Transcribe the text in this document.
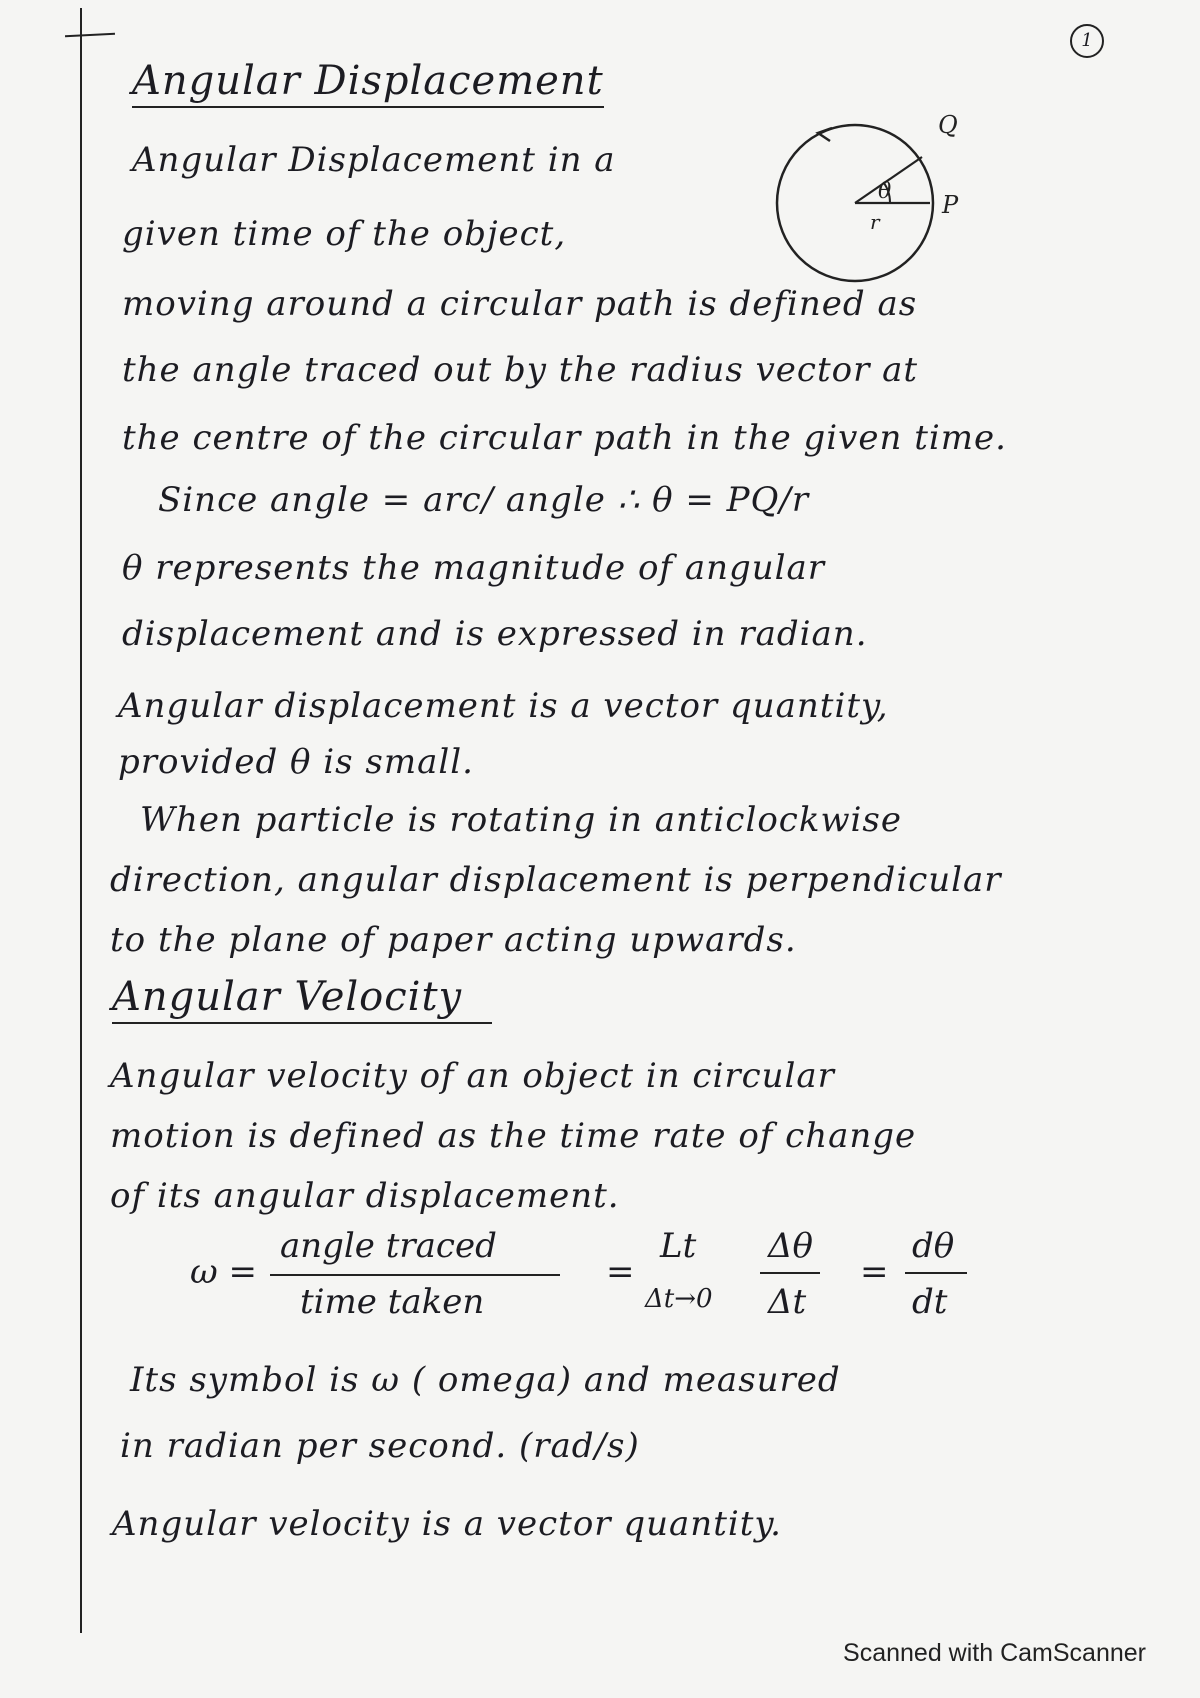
1
Angular Displacement
Angular Displacement in a
given time of the object,
moving around a circular path is defined as
the angle traced out by the radius vector at
the centre of the circular path in the given time.
Since angle = arc/ angle ∴ θ = PQ/r
θ represents the magnitude of angular
displacement and is expressed in radian.
Angular displacement is a vector quantity,
provided θ is small.
When particle is rotating in anticlockwise
direction, angular displacement is perpendicular
to the plane of paper acting upwards.
θ
r
Q
P
Angular Velocity
Angular velocity of an object in circular
motion is defined as the time rate of change
of its angular displacement.
ω =
angle traced
time taken
=
Lt
Δt→0
Δθ
Δt
=
dθ
dt
Its symbol is ω ( omega) and measured
in radian per second. (rad/s)
Angular velocity is a vector quantity.
Scanned with CamScanner
